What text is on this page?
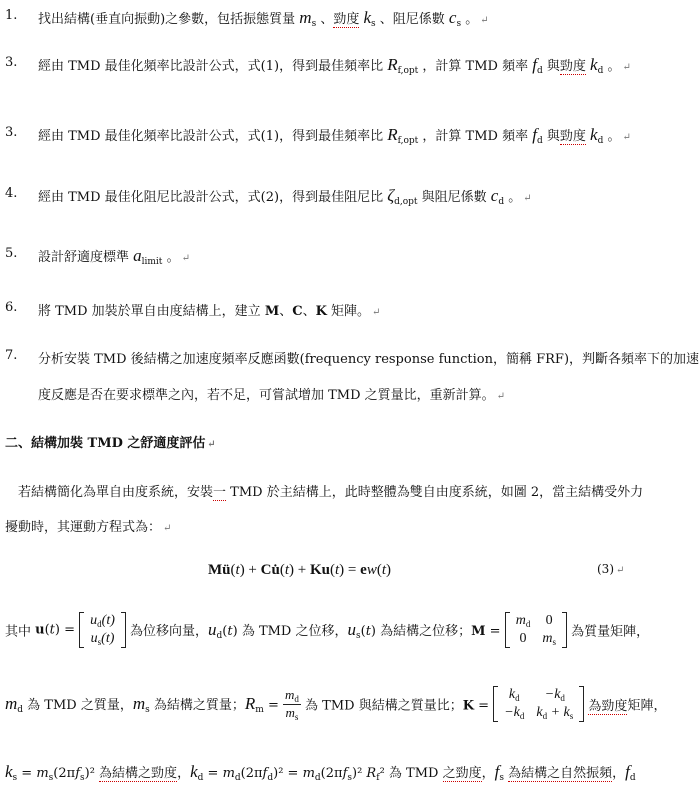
1. 找出結構(垂直向振動)之參數，包括振態質量 $m_s$ 、勁度 $k_s$ 、阻尼係數 $c_s$ 。 ↵
3. 經由 TMD 最佳化頻率比設計公式，式(1)，得到最佳頻率比 $R_{f,opt}$ ，計算 TMD 頻率 $f_d$ 與勁度 $k_d$ 。 ↵
3. 經由 TMD 最佳化頻率比設計公式，式(1)，得到最佳頻率比 $R_{f,opt}$ ，計算 TMD 頻率 $f_d$ 與勁度 $k_d$ 。 ↵
4. 經由 TMD 最佳化阻尼比設計公式，式(2)，得到最佳阻尼比 $\zeta_{d,opt}$ 與阻尼係數 $c_d$ 。 ↵
5. 設計舒適度標準 $a_{limit}$ 。 ↵
6. 將 TMD 加裝於單自由度結構上，建立 M、C、K 矩陣。 ↵
7. 分析安裝 TMD 後結構之加速度頻率反應函數(frequency response function，簡稱 FRF)，判斷各頻率下的加速
度反應是否在要求標準之內，若不足，可嘗試增加 TMD 之質量比，重新計算。 ↵
二、結構加裝 TMD 之舒適度評估 ↵
若結構簡化為單自由度系統，安裝一 TMD 於主結構上，此時整體為雙自由度系統，如圖 2，當主結構受外力
擾動時，其運動方程式為： ↵
Mü(t) + Cu̇(t) + Ku(t) = ew(t)	(3) ↵
其中 u(t) =
$u_d(t)$
$u_s(t)$ 為位移向量，$u_d(t)$ 為 TMD 之位移，$u_s(t)$ 為結構之位移；M =
$m_d$	0
0	$m_s$
為質量矩陣，
$m_d$ 為 TMD 之質量，$m_s$ 為結構之質量；$R_m = \frac{m_d}{m_s}$ 為 TMD 與結構之質量比；K =
$k_d$	$-k_d$
$-k_d$	$k_d + k_s$
為勁度矩陣，
$k_s = m_s(2\pi f_s)^2$ 為結構之勁度，$k_d = m_d(2\pi f_d)^2 = m_d(2\pi f_s)^2$ $R_f^2$ 為 TMD 之勁度，$f_s$ 為結構之自然振頻，$f_d$
